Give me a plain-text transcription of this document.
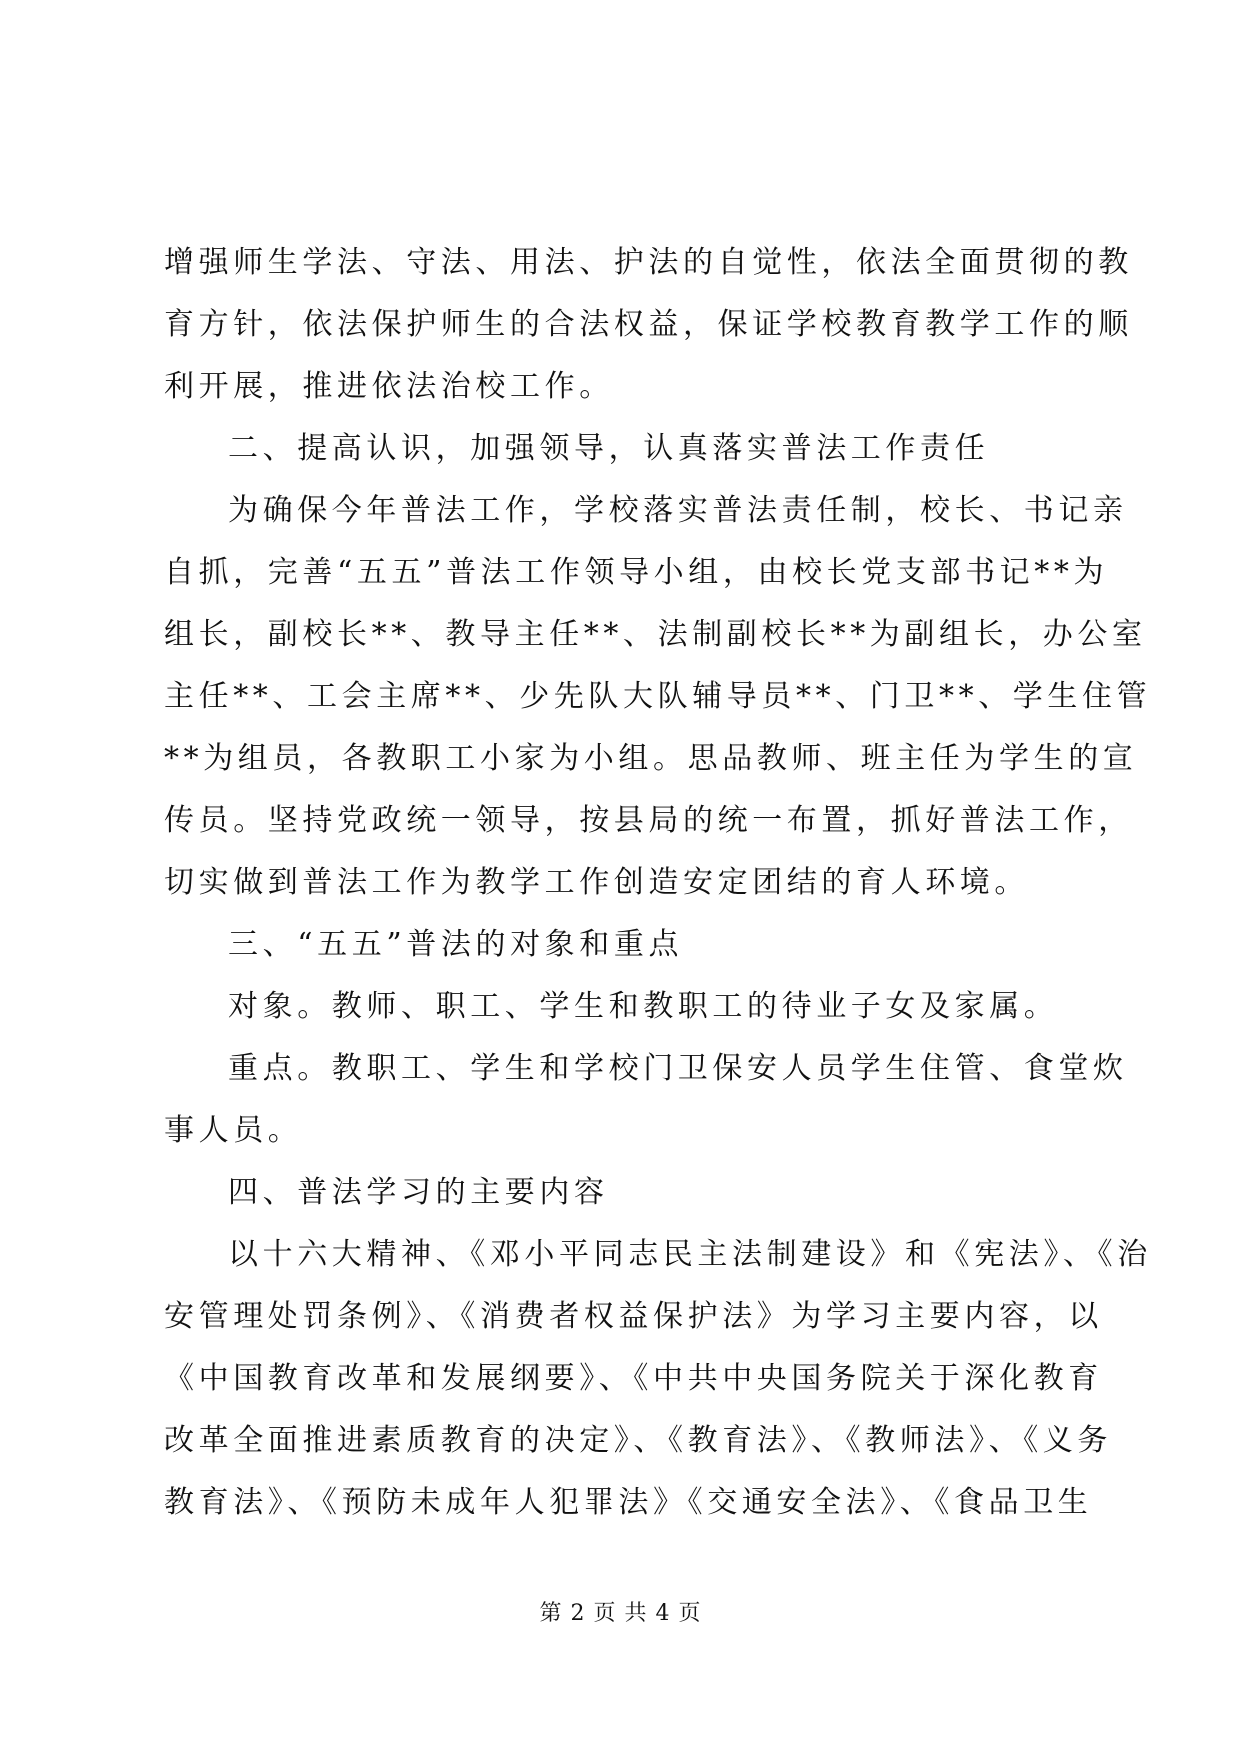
增强师生学法、守法、用法、护法的自觉性，依法全面贯彻的教
育方针，依法保护师生的合法权益，保证学校教育教学工作的顺
利开展，推进依法治校工作。
二、提高认识，加强领导，认真落实普法工作责任
为确保今年普法工作，学校落实普法责任制，校长、书记亲
自抓，完善“五五”普法工作领导小组，由校长党支部书记**为
组长，副校长**、教导主任**、法制副校长**为副组长，办公室
主任**、工会主席**、少先队大队辅导员**、门卫**、学生住管
**为组员，各教职工小家为小组。思品教师、班主任为学生的宣
传员。坚持党政统一领导，按县局的统一布置，抓好普法工作，
切实做到普法工作为教学工作创造安定团结的育人环境。
三、“五五”普法的对象和重点
对象。教师、职工、学生和教职工的待业子女及家属。
重点。教职工、学生和学校门卫保安人员学生住管、食堂炊
事人员。
四、普法学习的主要内容
以十六大精神、《邓小平同志民主法制建设》和《宪法》、《治
安管理处罚条例》、《消费者权益保护法》为学习主要内容，以
《中国教育改革和发展纲要》、《中共中央国务院关于深化教育
改革全面推进素质教育的决定》、《教育法》、《教师法》、《义务
教育法》、《预防未成年人犯罪法》《交通安全法》、《食品卫生
第 2 页 共 4 页
